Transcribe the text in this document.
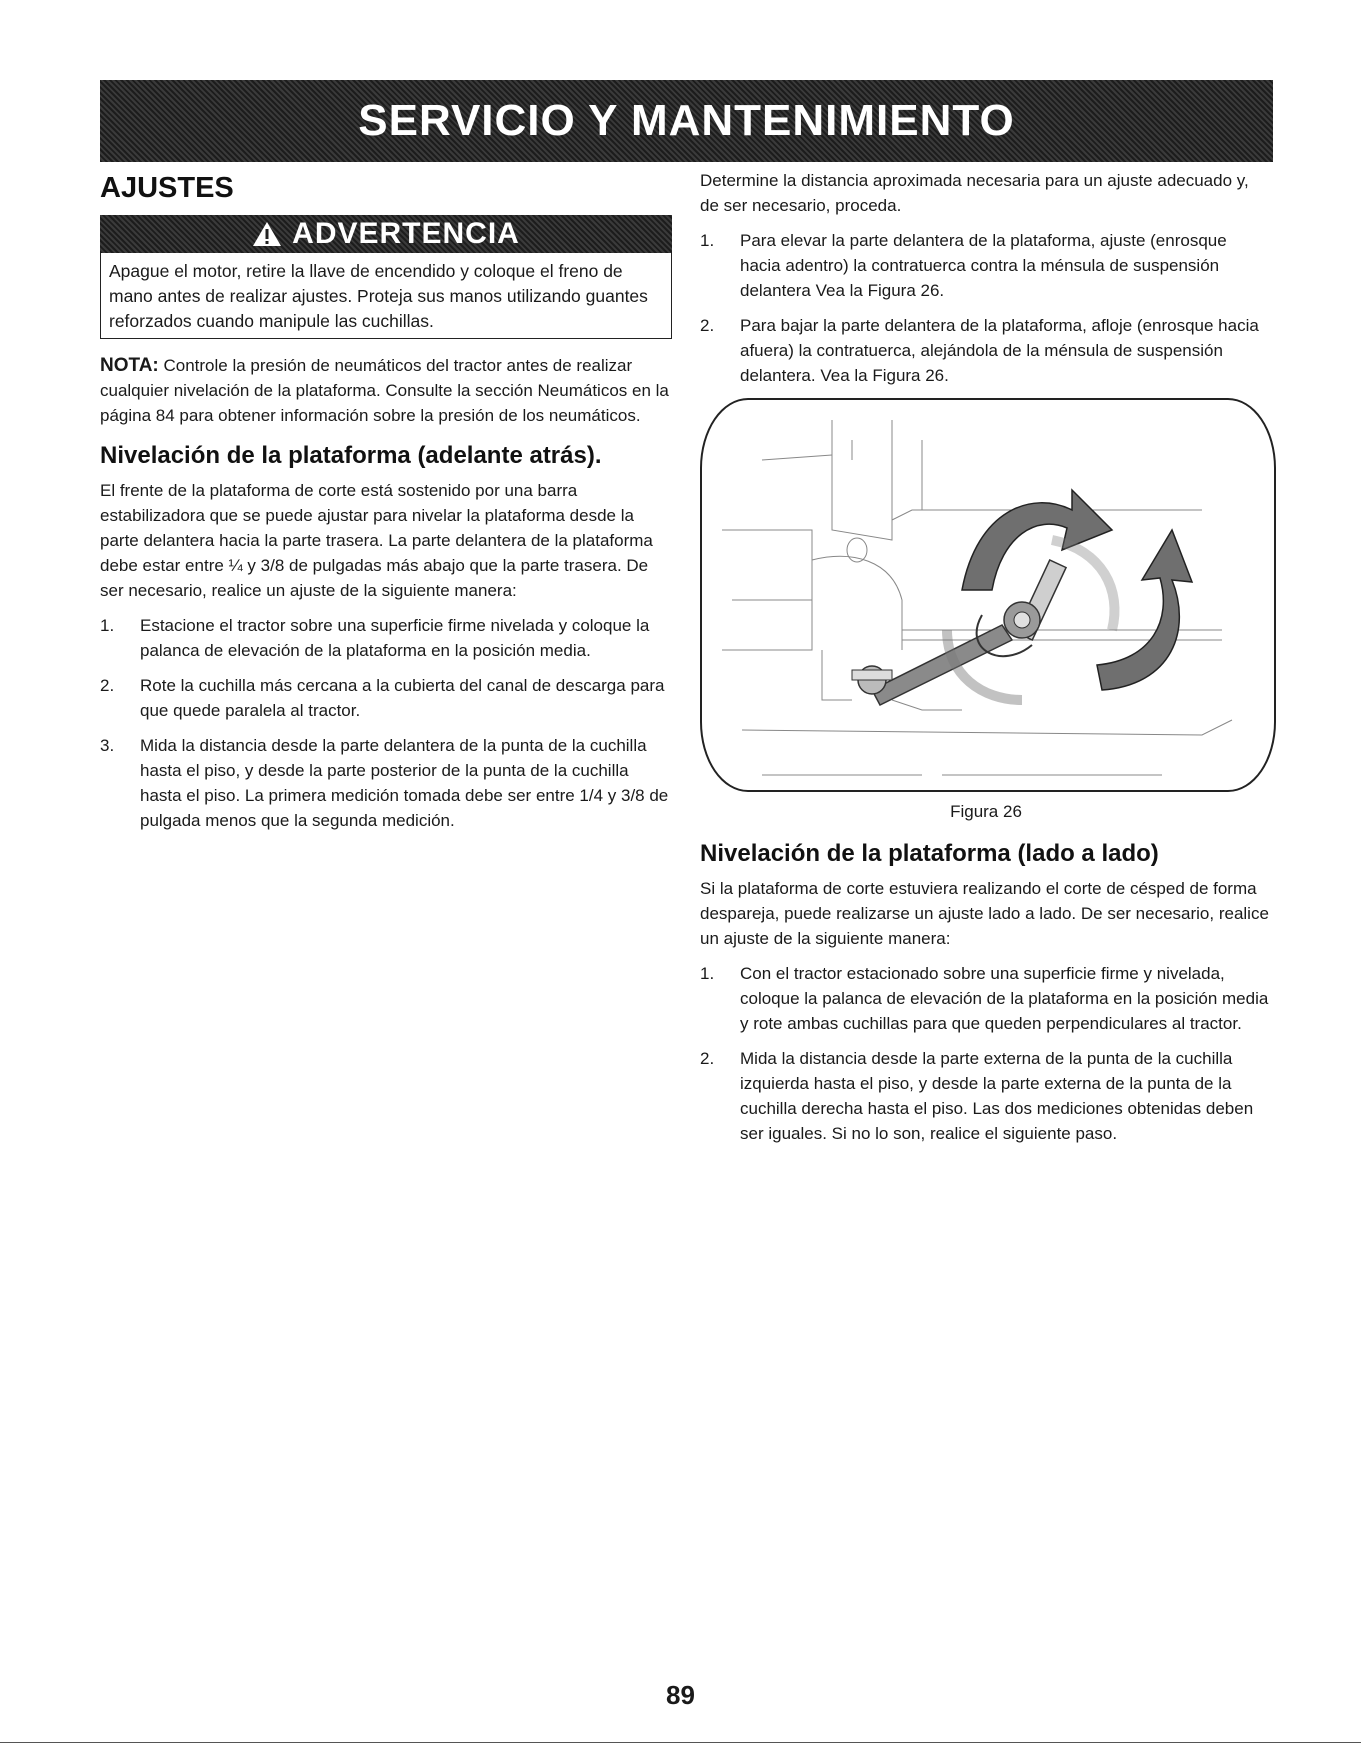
SERVICIO Y MANTENIMIENTO
AJUSTES
ADVERTENCIA
Apague el motor, retire la llave de encendido y coloque el freno de mano antes de realizar ajustes. Proteja sus manos utilizando guantes reforzados cuando manipule las cuchillas.

NOTA: Controle la presión de neumáticos del tractor antes de realizar cualquier nivelación de la plataforma. Consulte la sección Neumáticos en la página 84 para obtener información sobre la presión de los neumáticos.

Nivelación de la plataforma (adelante atrás).

El frente de la plataforma de corte está sostenido por una barra estabilizadora que se puede ajustar para nivelar la plataforma desde la parte delantera hacia la parte trasera. La parte delantera de la plataforma debe estar entre ¼ y 3/8 de pulgadas más abajo que la parte trasera. De ser necesario, realice un ajuste de la siguiente manera:

1.	Estacione el tractor sobre una superficie firme nivelada y coloque la palanca de elevación de la plataforma en la posición media.
2.	Rote la cuchilla más cercana a la cubierta del canal de descarga para que quede paralela al tractor.
3.	Mida la distancia desde la parte delantera de la punta de la cuchilla hasta el piso, y desde la parte posterior de la punta de la cuchilla hasta el piso. La primera medición tomada debe ser entre 1/4 y 3/8 de pulgada menos que la segunda medición.

Determine la distancia aproximada necesaria para un ajuste adecuado y, de ser necesario, proceda.

1.	Para elevar la parte delantera de la plataforma, ajuste (enrosque hacia adentro) la contratuerca contra la ménsula de suspensión delantera Vea la Figura 26.
2.	Para bajar la parte delantera de la plataforma, afloje (enrosque hacia afuera) la contratuerca, alejándola de la ménsula de suspensión delantera. Vea la Figura 26.
Figura 26
Nivelación de la plataforma (lado a lado)

Si la plataforma de corte estuviera realizando el corte de césped de forma despareja, puede realizarse un ajuste lado a lado. De ser necesario, realice un ajuste de la siguiente manera:

1.	Con el tractor estacionado sobre una superficie firme y nivelada, coloque la palanca de elevación de la plataforma en la posición media y rote ambas cuchillas para que queden perpendiculares al tractor.
2.	Mida la distancia desde la parte externa de la punta de la cuchilla izquierda hasta el piso, y desde la parte externa de la punta de la cuchilla derecha hasta el piso. Las dos mediciones obtenidas deben ser iguales. Si no lo son, realice el siguiente paso.
89
